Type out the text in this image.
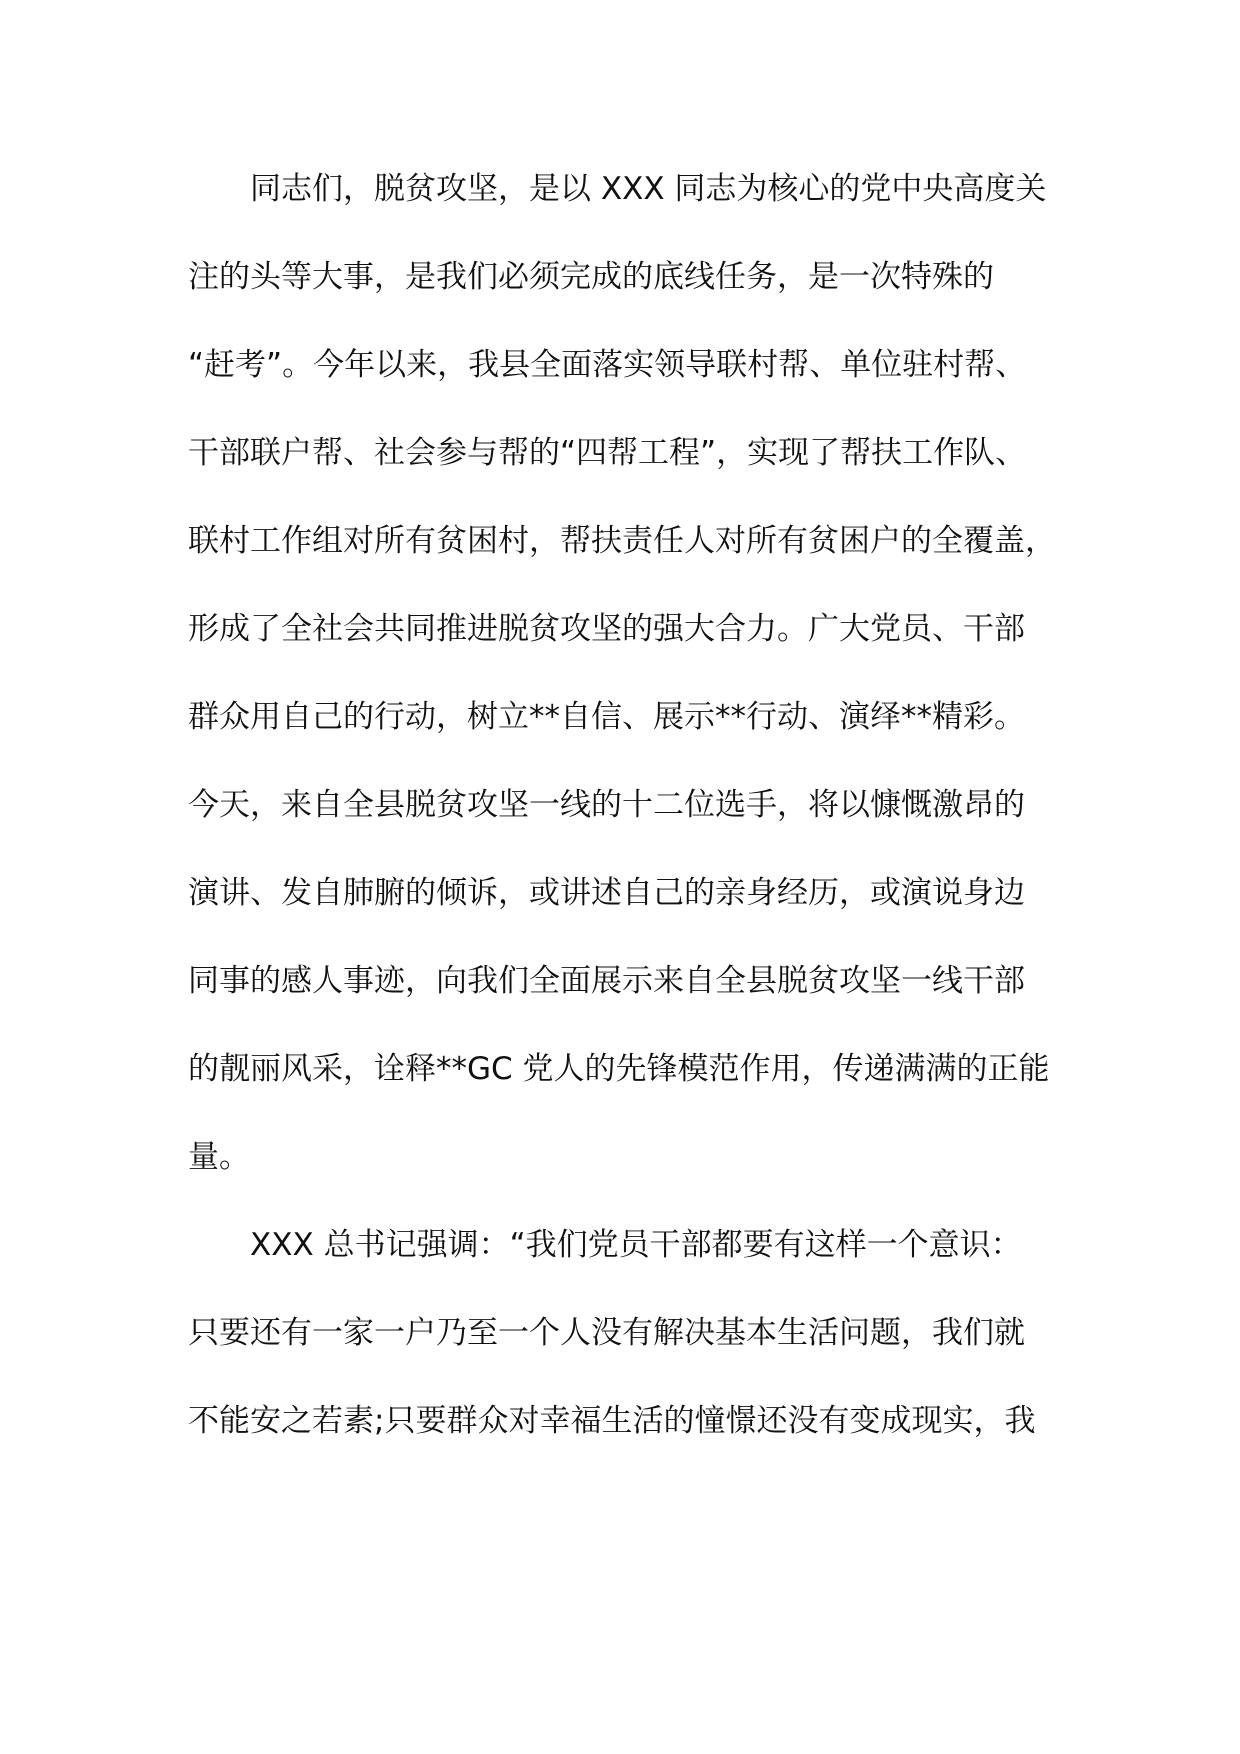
同志们，脱贫攻坚，是以 XXX 同志为核心的党中央高度关
注的头等大事，是我们必须完成的底线任务，是一次特殊的
“赶考”。今年以来，我县全面落实领导联村帮、单位驻村帮、
干部联户帮、社会参与帮的“四帮工程”，实现了帮扶工作队、
联村工作组对所有贫困村，帮扶责任人对所有贫困户的全覆盖，
形成了全社会共同推进脱贫攻坚的强大合力。广大党员、干部
群众用自己的行动，树立**自信、展示**行动、演绎**精彩。
今天，来自全县脱贫攻坚一线的十二位选手，将以慷慨激昂的
演讲、发自肺腑的倾诉，或讲述自己的亲身经历，或演说身边
同事的感人事迹，向我们全面展示来自全县脱贫攻坚一线干部
的靓丽风采，诠释**GC 党人的先锋模范作用，传递满满的正能
量。
XXX 总书记强调：“我们党员干部都要有这样一个意识：
只要还有一家一户乃至一个人没有解决基本生活问题，我们就
不能安之若素;只要群众对幸福生活的憧憬还没有变成现实，我
